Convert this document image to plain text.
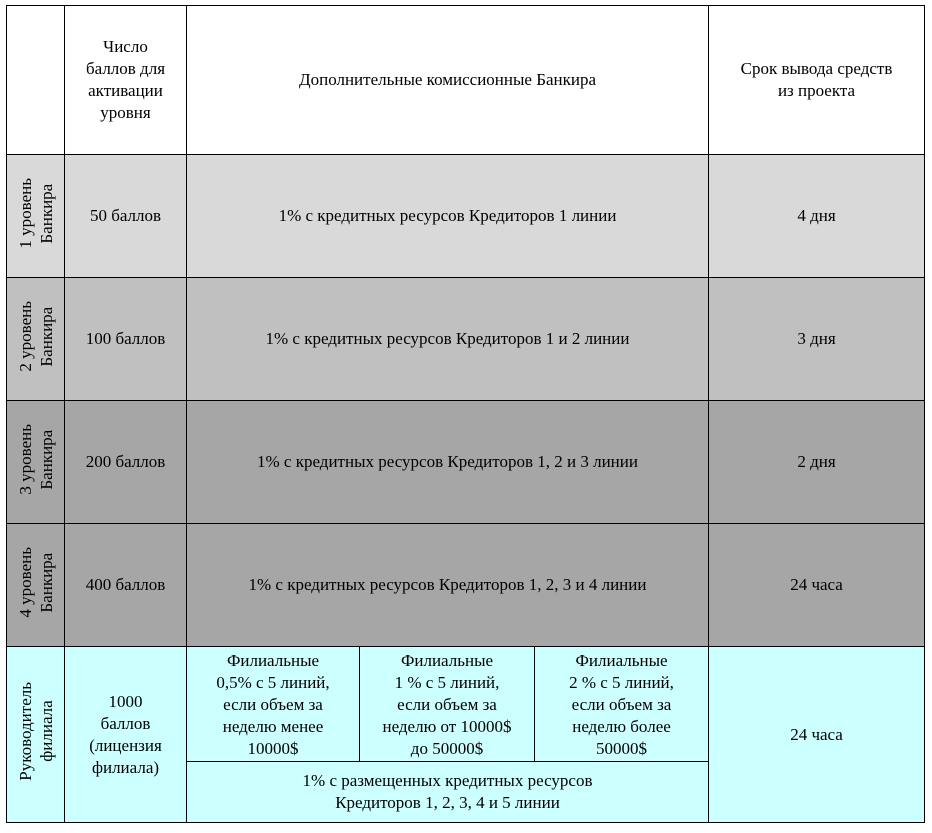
	Число
баллов для
активации
уровня	Дополнительные комиссионные Банкира			Срок вывода средств
из проекта
1 уровень
Банкира	50 баллов	1% с кредитных ресурсов Кредиторов 1 линии			4 дня
2 уровень
Банкира	100 баллов	1% с кредитных ресурсов Кредиторов 1 и 2 линии			3 дня
3 уровень
Банкира	200 баллов	1% с кредитных ресурсов Кредиторов 1, 2 и 3 линии			2 дня
4 уровень
Банкира	400 баллов	1% с кредитных ресурсов Кредиторов 1, 2, 3 и 4 линии			24 часа
Руководитель
филиала	1000
баллов
(лицензия
филиала)	Филиальные
0,5% с 5 линий,
если объем за
неделю менее
10000$	Филиальные
1 % с 5 линий,
если объем за
неделю от 10000$
до 50000$	Филиальные
2 % с 5 линий,
если объем за
неделю более
50000$	24 часа
		1% с размещенных кредитных ресурсов
Кредиторов 1, 2, 3, 4 и 5 линии			
